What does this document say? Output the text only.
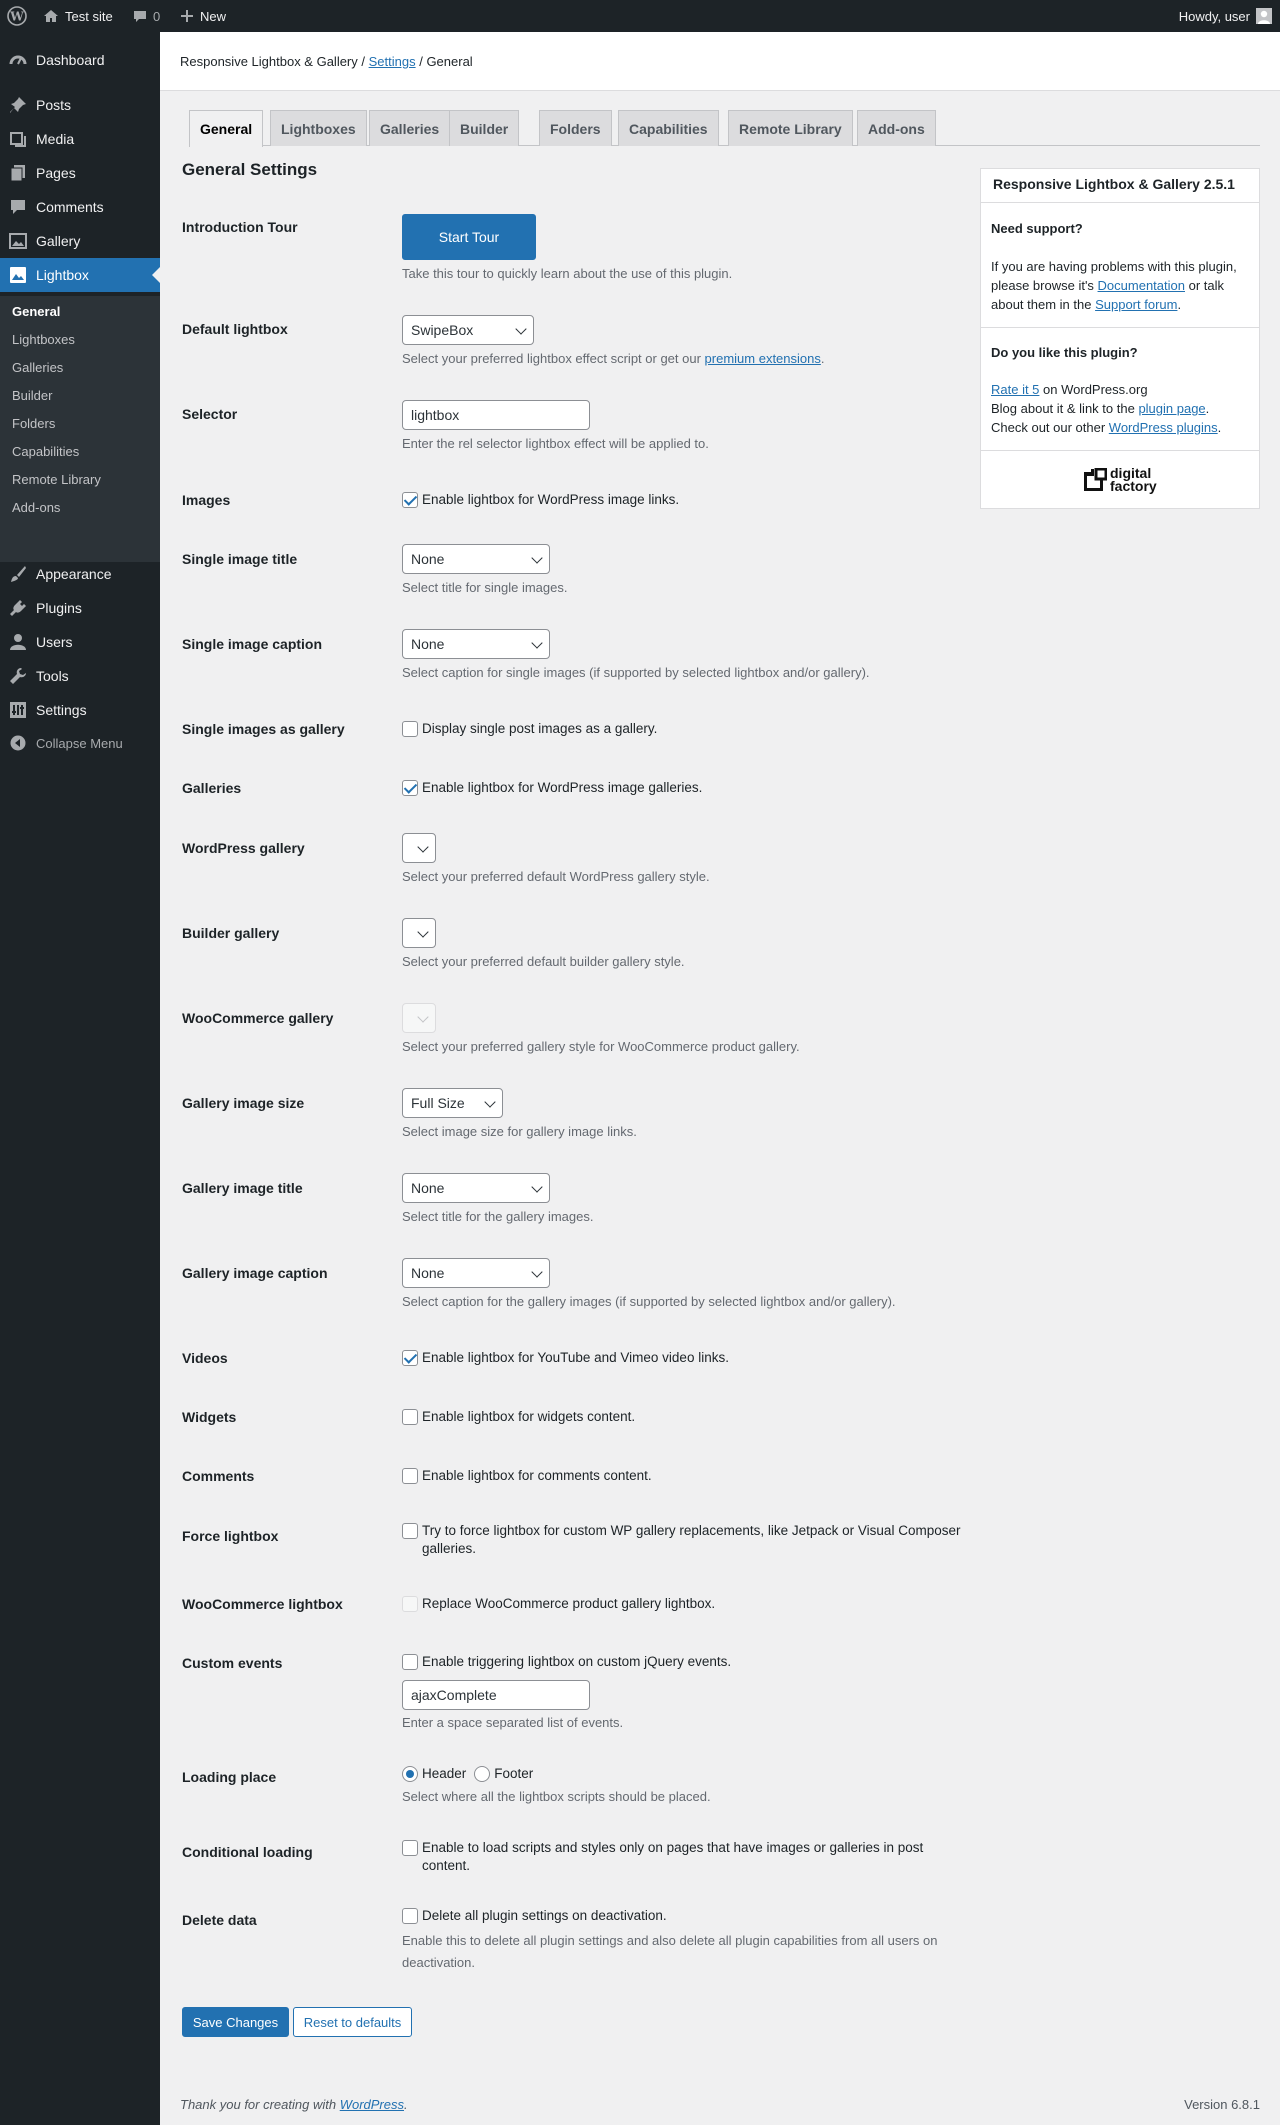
W	Test site	0	New	Howdy, user
Dashboard
Posts
Media
Pages
Comments
Gallery
Lightbox
General
Lightboxes
Galleries
Builder
Folders
Capabilities
Remote Library
Add-ons
Appearance
Plugins
Users
Tools
Settings
Collapse Menu
Responsive Lightbox & Gallery / Settings / General
General	Lightboxes	Galleries	Builder	Folders	Capabilities	Remote Library	Add-ons
General Settings
Introduction Tour
Start Tour
Take this tour to quickly learn about the use of this plugin.
Default lightbox	SwipeBox
Select your preferred lightbox effect script or get our premium extensions.
Selector	lightbox
Enter the rel selector lightbox effect will be applied to.
Images	Enable lightbox for WordPress image links.
Single image title	None
Select title for single images.
Single image caption	None
Select caption for single images (if supported by selected lightbox and/or gallery).
Single images as gallery	Display single post images as a gallery.
Galleries	Enable lightbox for WordPress image galleries.
WordPress gallery
Select your preferred default WordPress gallery style.
Builder gallery
Select your preferred default builder gallery style.
WooCommerce gallery
Select your preferred gallery style for WooCommerce product gallery.
Gallery image size	Full Size
Select image size for gallery image links.
Gallery image title	None
Select title for the gallery images.
Gallery image caption	None
Select caption for the gallery images (if supported by selected lightbox and/or gallery).
Videos	Enable lightbox for YouTube and Vimeo video links.
Widgets	Enable lightbox for widgets content.
Comments	Enable lightbox for comments content.
Force lightbox	Try to force lightbox for custom WP gallery replacements, like Jetpack or Visual Composer galleries.
WooCommerce lightbox	Replace WooCommerce product gallery lightbox.
Custom events	Enable triggering lightbox on custom jQuery events.
ajaxComplete
Enter a space separated list of events.
Loading place	Header Footer
Select where all the lightbox scripts should be placed.
Conditional loading	Enable to load scripts and styles only on pages that have images or galleries in post content.
Delete data	Delete all plugin settings on deactivation.
Enable this to delete all plugin settings and also delete all plugin capabilities from all users on deactivation.
Save Changes	Reset to defaults
Responsive Lightbox & Gallery 2.5.1
Need support?
If you are having problems with this plugin, please browse it's Documentation or talk about them in the Support forum.
Do you like this plugin?
Rate it 5 on WordPress.org
Blog about it & link to the plugin page.
Check out our other WordPress plugins.
digital
factory
Thank you for creating with WordPress.	Version 6.8.1
